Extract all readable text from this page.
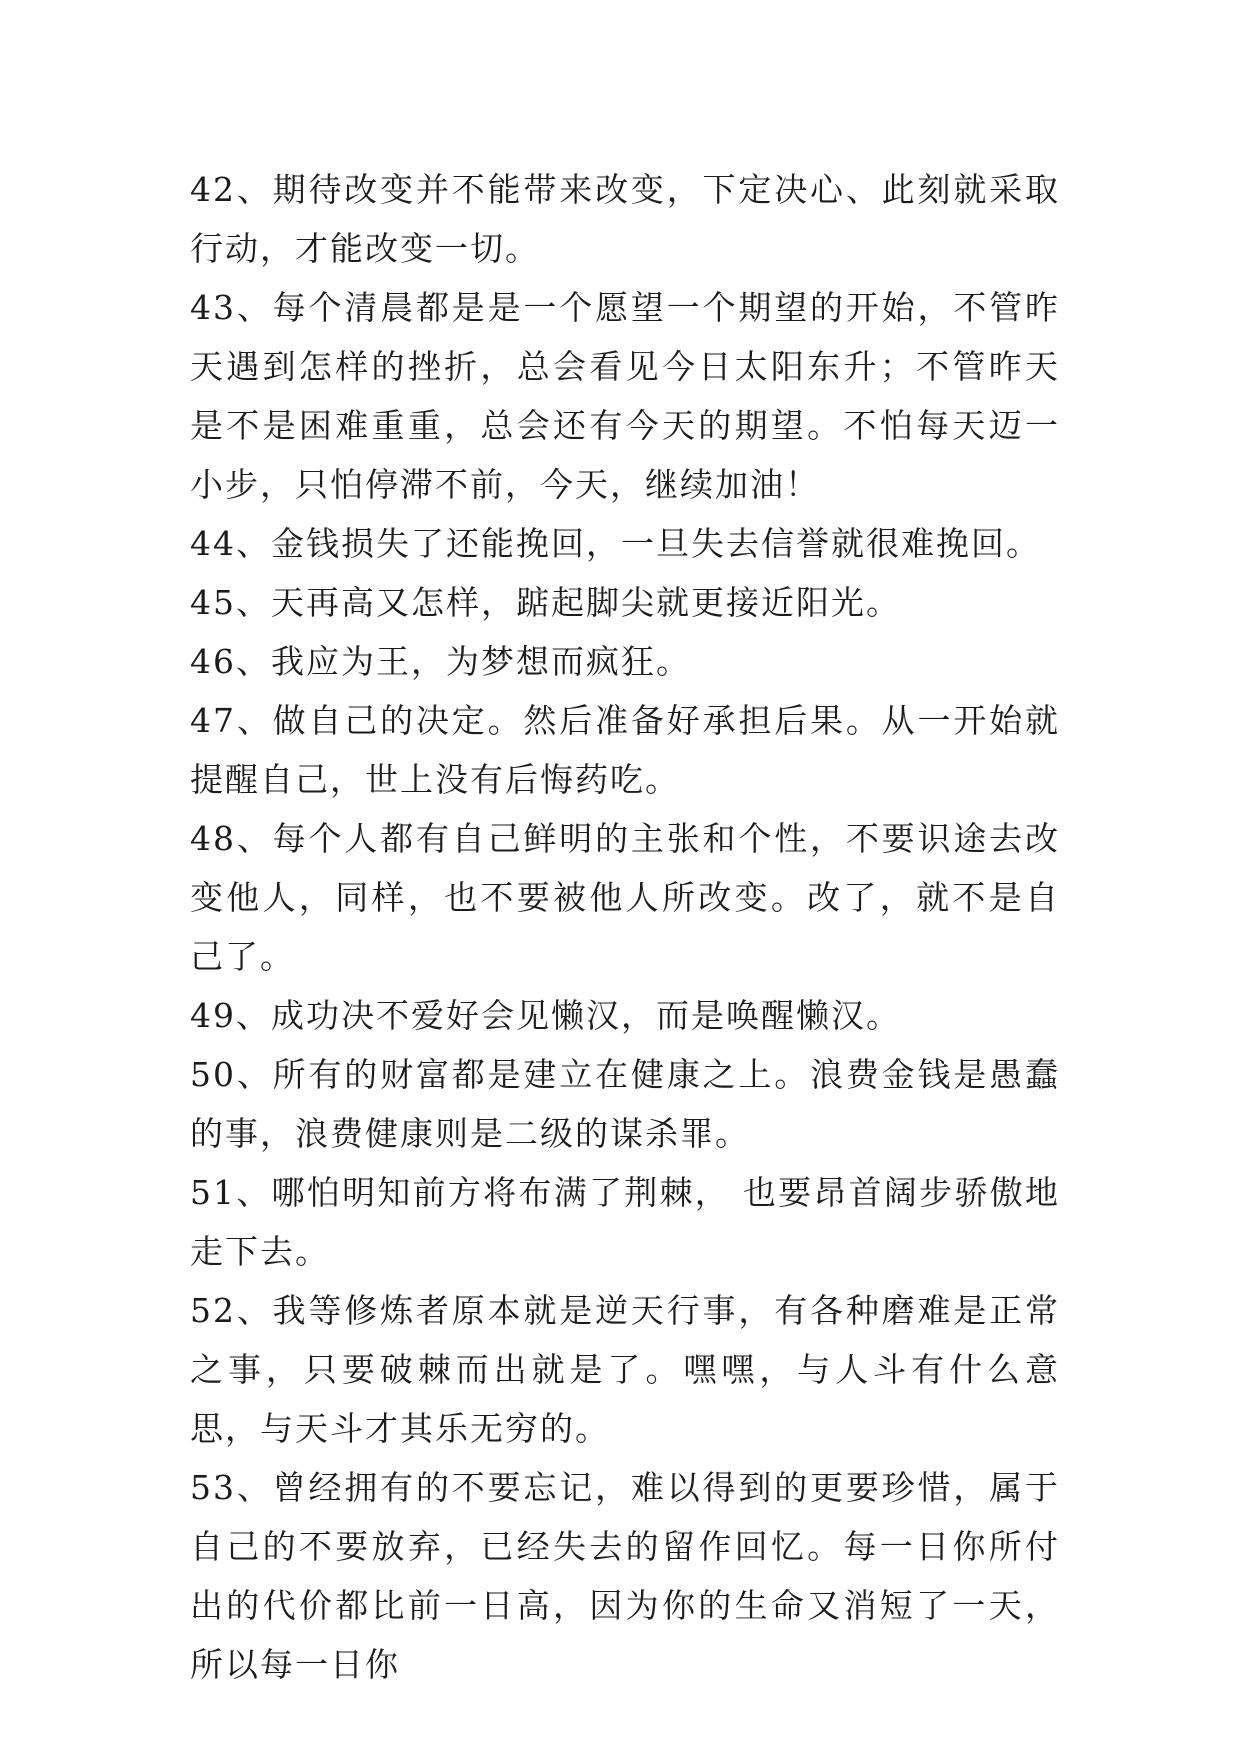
42、期待改变并不能带来改变，下定决心、此刻就采取行动，才能改变一切。

43、每个清晨都是是一个愿望一个期望的开始，不管昨天遇到怎样的挫折，总会看见今日太阳东升；不管昨天是不是困难重重，总会还有今天的期望。不怕每天迈一小步，只怕停滞不前，今天，继续加油！

44、金钱损失了还能挽回，一旦失去信誉就很难挽回。

45、天再高又怎样，踮起脚尖就更接近阳光。

46、我应为王，为梦想而疯狂。

47、做自己的决定。然后准备好承担后果。从一开始就提醒自己，世上没有后悔药吃。

48、每个人都有自己鲜明的主张和个性，不要识途去改变他人，同样，也不要被他人所改变。改了，就不是自己了。

49、成功决不爱好会见懒汉，而是唤醒懒汉。

50、所有的财富都是建立在健康之上。浪费金钱是愚蠢的事，浪费健康则是二级的谋杀罪。

51、哪怕明知前方将布满了荆棘， 也要昂首阔步骄傲地走下去。

52、我等修炼者原本就是逆天行事，有各种磨难是正常之事，只要破棘而出就是了。嘿嘿，与人斗有什么意思，与天斗才其乐无穷的。

53、曾经拥有的不要忘记，难以得到的更要珍惜，属于自己的不要放弃，已经失去的留作回忆。每一日你所付出的代价都比前一日高，因为你的生命又消短了一天，所以每一日你
